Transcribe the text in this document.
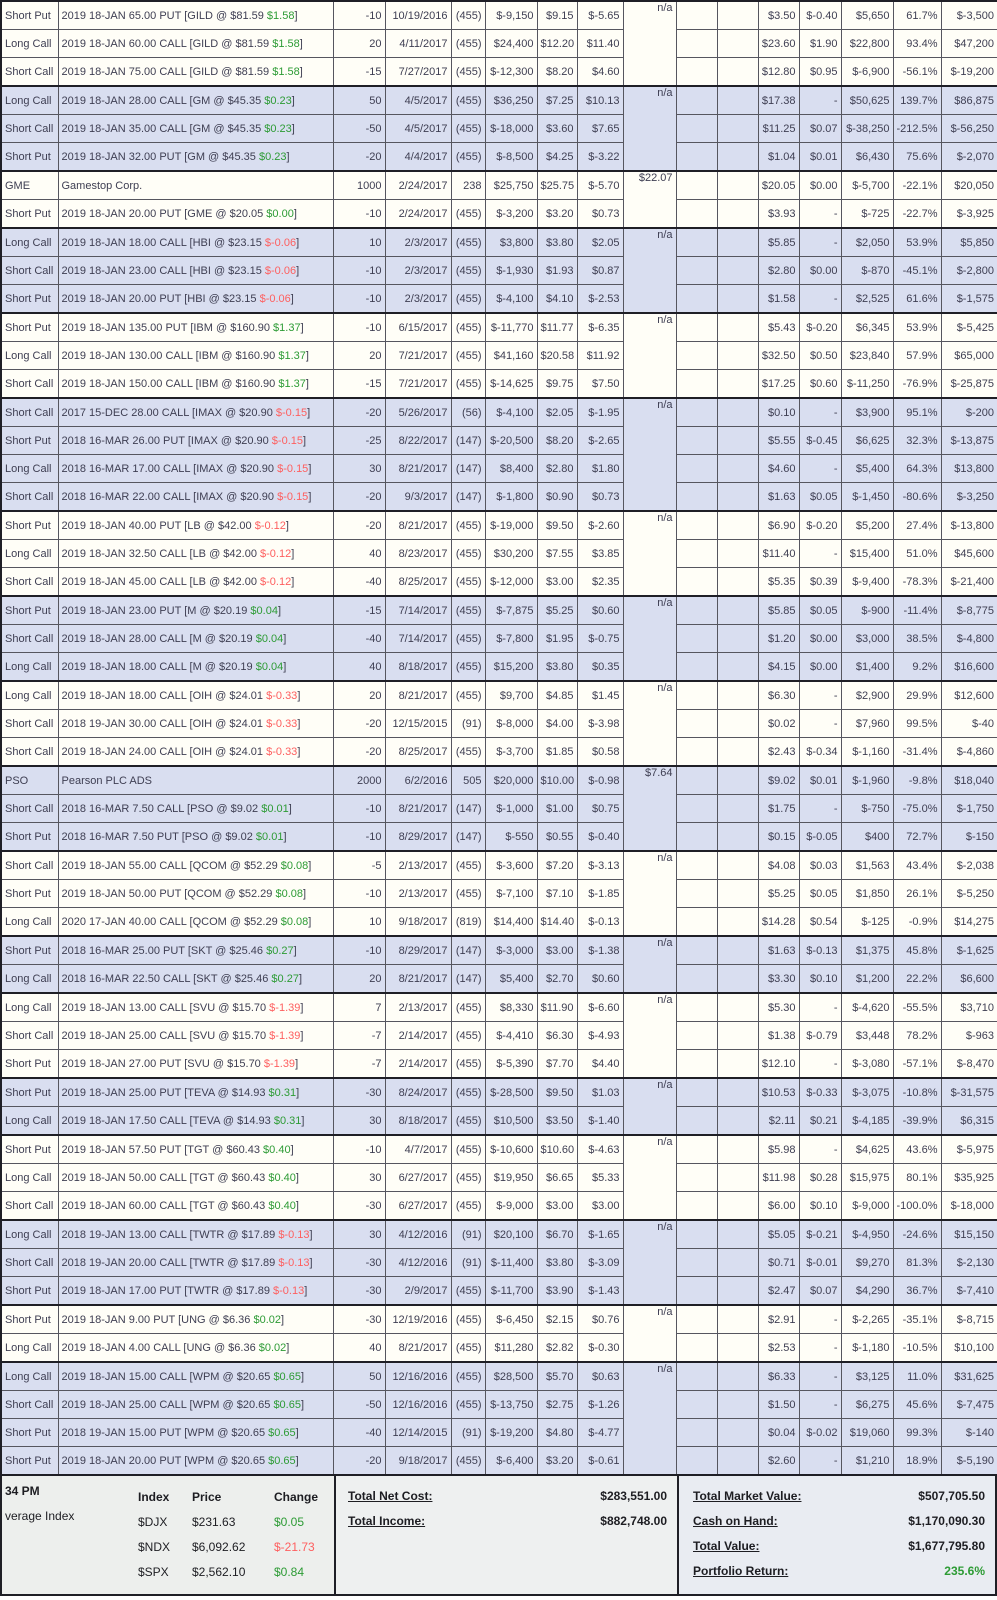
Short Put	2019 18-JAN 65.00 PUT [GILD @ $81.59 $1.58]	-10	10/19/2016	(455)	$-9,150	$9.15	$-5.65	n/a			$3.50	$-0.40	$5,650	61.7%	$-3,500
Long Call	2019 18-JAN 60.00 CALL [GILD @ $81.59 $1.58]	20	4/11/2017	(455)	$24,400	$12.20	$11.40				$23.60	$1.90	$22,800	93.4%	$47,200
Short Call	2019 18-JAN 75.00 CALL [GILD @ $81.59 $1.58]	-15	7/27/2017	(455)	$-12,300	$8.20	$4.60				$12.80	$0.95	$-6,900	-56.1%	$-19,200
Long Call	2019 18-JAN 28.00 CALL [GM @ $45.35 $0.23]	50	4/5/2017	(455)	$36,250	$7.25	$10.13	n/a			$17.38	-	$50,625	139.7%	$86,875
Short Call	2019 18-JAN 35.00 CALL [GM @ $45.35 $0.23]	-50	4/5/2017	(455)	$-18,000	$3.60	$7.65				$11.25	$0.07	$-38,250	-212.5%	$-56,250
Short Put	2019 18-JAN 32.00 PUT [GM @ $45.35 $0.23]	-20	4/4/2017	(455)	$-8,500	$4.25	$-3.22				$1.04	$0.01	$6,430	75.6%	$-2,070
GME	Gamestop Corp.	1000	2/24/2017	238	$25,750	$25.75	$-5.70	$22.07			$20.05	$0.00	$-5,700	-22.1%	$20,050
Short Put	2019 18-JAN 20.00 PUT [GME @ $20.05 $0.00]	-10	2/24/2017	(455)	$-3,200	$3.20	$0.73				$3.93	-	$-725	-22.7%	$-3,925
Long Call	2019 18-JAN 18.00 CALL [HBI @ $23.15 $-0.06]	10	2/3/2017	(455)	$3,800	$3.80	$2.05	n/a			$5.85	-	$2,050	53.9%	$5,850
Short Call	2019 18-JAN 23.00 CALL [HBI @ $23.15 $-0.06]	-10	2/3/2017	(455)	$-1,930	$1.93	$0.87				$2.80	$0.00	$-870	-45.1%	$-2,800
Short Put	2019 18-JAN 20.00 PUT [HBI @ $23.15 $-0.06]	-10	2/3/2017	(455)	$-4,100	$4.10	$-2.53				$1.58	-	$2,525	61.6%	$-1,575
Short Put	2019 18-JAN 135.00 PUT [IBM @ $160.90 $1.37]	-10	6/15/2017	(455)	$-11,770	$11.77	$-6.35	n/a			$5.43	$-0.20	$6,345	53.9%	$-5,425
Long Call	2019 18-JAN 130.00 CALL [IBM @ $160.90 $1.37]	20	7/21/2017	(455)	$41,160	$20.58	$11.92				$32.50	$0.50	$23,840	57.9%	$65,000
Short Call	2019 18-JAN 150.00 CALL [IBM @ $160.90 $1.37]	-15	7/21/2017	(455)	$-14,625	$9.75	$7.50				$17.25	$0.60	$-11,250	-76.9%	$-25,875
Short Call	2017 15-DEC 28.00 CALL [IMAX @ $20.90 $-0.15]	-20	5/26/2017	(56)	$-4,100	$2.05	$-1.95	n/a			$0.10	-	$3,900	95.1%	$-200
Short Put	2018 16-MAR 26.00 PUT [IMAX @ $20.90 $-0.15]	-25	8/22/2017	(147)	$-20,500	$8.20	$-2.65				$5.55	$-0.45	$6,625	32.3%	$-13,875
Long Call	2018 16-MAR 17.00 CALL [IMAX @ $20.90 $-0.15]	30	8/21/2017	(147)	$8,400	$2.80	$1.80				$4.60	-	$5,400	64.3%	$13,800
Short Call	2018 16-MAR 22.00 CALL [IMAX @ $20.90 $-0.15]	-20	9/3/2017	(147)	$-1,800	$0.90	$0.73				$1.63	$0.05	$-1,450	-80.6%	$-3,250
Short Put	2019 18-JAN 40.00 PUT [LB @ $42.00 $-0.12]	-20	8/21/2017	(455)	$-19,000	$9.50	$-2.60	n/a			$6.90	$-0.20	$5,200	27.4%	$-13,800
Long Call	2019 18-JAN 32.50 CALL [LB @ $42.00 $-0.12]	40	8/23/2017	(455)	$30,200	$7.55	$3.85				$11.40	-	$15,400	51.0%	$45,600
Short Call	2019 18-JAN 45.00 CALL [LB @ $42.00 $-0.12]	-40	8/25/2017	(455)	$-12,000	$3.00	$2.35				$5.35	$0.39	$-9,400	-78.3%	$-21,400
Short Put	2019 18-JAN 23.00 PUT [M @ $20.19 $0.04]	-15	7/14/2017	(455)	$-7,875	$5.25	$0.60	n/a			$5.85	$0.05	$-900	-11.4%	$-8,775
Short Call	2019 18-JAN 28.00 CALL [M @ $20.19 $0.04]	-40	7/14/2017	(455)	$-7,800	$1.95	$-0.75				$1.20	$0.00	$3,000	38.5%	$-4,800
Long Call	2019 18-JAN 18.00 CALL [M @ $20.19 $0.04]	40	8/18/2017	(455)	$15,200	$3.80	$0.35				$4.15	$0.00	$1,400	9.2%	$16,600
Long Call	2019 18-JAN 18.00 CALL [OIH @ $24.01 $-0.33]	20	8/21/2017	(455)	$9,700	$4.85	$1.45	n/a			$6.30	-	$2,900	29.9%	$12,600
Short Call	2018 19-JAN 30.00 CALL [OIH @ $24.01 $-0.33]	-20	12/15/2015	(91)	$-8,000	$4.00	$-3.98				$0.02	-	$7,960	99.5%	$-40
Short Call	2019 18-JAN 24.00 CALL [OIH @ $24.01 $-0.33]	-20	8/25/2017	(455)	$-3,700	$1.85	$0.58				$2.43	$-0.34	$-1,160	-31.4%	$-4,860
PSO	Pearson PLC ADS	2000	6/2/2016	505	$20,000	$10.00	$-0.98	$7.64			$9.02	$0.01	$-1,960	-9.8%	$18,040
Short Call	2018 16-MAR 7.50 CALL [PSO @ $9.02 $0.01]	-10	8/21/2017	(147)	$-1,000	$1.00	$0.75				$1.75	-	$-750	-75.0%	$-1,750
Short Put	2018 16-MAR 7.50 PUT [PSO @ $9.02 $0.01]	-10	8/29/2017	(147)	$-550	$0.55	$-0.40				$0.15	$-0.05	$400	72.7%	$-150
Short Call	2019 18-JAN 55.00 CALL [QCOM @ $52.29 $0.08]	-5	2/13/2017	(455)	$-3,600	$7.20	$-3.13	n/a			$4.08	$0.03	$1,563	43.4%	$-2,038
Short Put	2019 18-JAN 50.00 PUT [QCOM @ $52.29 $0.08]	-10	2/13/2017	(455)	$-7,100	$7.10	$-1.85				$5.25	$0.05	$1,850	26.1%	$-5,250
Long Call	2020 17-JAN 40.00 CALL [QCOM @ $52.29 $0.08]	10	9/18/2017	(819)	$14,400	$14.40	$-0.13				$14.28	$0.54	$-125	-0.9%	$14,275
Short Put	2018 16-MAR 25.00 PUT [SKT @ $25.46 $0.27]	-10	8/29/2017	(147)	$-3,000	$3.00	$-1.38	n/a			$1.63	$-0.13	$1,375	45.8%	$-1,625
Long Call	2018 16-MAR 22.50 CALL [SKT @ $25.46 $0.27]	20	8/21/2017	(147)	$5,400	$2.70	$0.60				$3.30	$0.10	$1,200	22.2%	$6,600
Long Call	2019 18-JAN 13.00 CALL [SVU @ $15.70 $-1.39]	7	2/13/2017	(455)	$8,330	$11.90	$-6.60	n/a			$5.30	-	$-4,620	-55.5%	$3,710
Short Call	2019 18-JAN 25.00 CALL [SVU @ $15.70 $-1.39]	-7	2/14/2017	(455)	$-4,410	$6.30	$-4.93				$1.38	$-0.79	$3,448	78.2%	$-963
Short Put	2019 18-JAN 27.00 PUT [SVU @ $15.70 $-1.39]	-7	2/14/2017	(455)	$-5,390	$7.70	$4.40				$12.10	-	$-3,080	-57.1%	$-8,470
Short Put	2019 18-JAN 25.00 PUT [TEVA @ $14.93 $0.31]	-30	8/24/2017	(455)	$-28,500	$9.50	$1.03	n/a			$10.53	$-0.33	$-3,075	-10.8%	$-31,575
Long Call	2019 18-JAN 17.50 CALL [TEVA @ $14.93 $0.31]	30	8/18/2017	(455)	$10,500	$3.50	$-1.40				$2.11	$0.21	$-4,185	-39.9%	$6,315
Short Put	2019 18-JAN 57.50 PUT [TGT @ $60.43 $0.40]	-10	4/7/2017	(455)	$-10,600	$10.60	$-4.63	n/a			$5.98	-	$4,625	43.6%	$-5,975
Long Call	2019 18-JAN 50.00 CALL [TGT @ $60.43 $0.40]	30	6/27/2017	(455)	$19,950	$6.65	$5.33				$11.98	$0.28	$15,975	80.1%	$35,925
Short Call	2019 18-JAN 60.00 CALL [TGT @ $60.43 $0.40]	-30	6/27/2017	(455)	$-9,000	$3.00	$3.00				$6.00	$0.10	$-9,000	-100.0%	$-18,000
Long Call	2018 19-JAN 13.00 CALL [TWTR @ $17.89 $-0.13]	30	4/12/2016	(91)	$20,100	$6.70	$-1.65	n/a			$5.05	$-0.21	$-4,950	-24.6%	$15,150
Short Call	2018 19-JAN 20.00 CALL [TWTR @ $17.89 $-0.13]	-30	4/12/2016	(91)	$-11,400	$3.80	$-3.09				$0.71	$-0.01	$9,270	81.3%	$-2,130
Short Put	2019 18-JAN 17.00 PUT [TWTR @ $17.89 $-0.13]	-30	2/9/2017	(455)	$-11,700	$3.90	$-1.43				$2.47	$0.07	$4,290	36.7%	$-7,410
Short Put	2019 18-JAN 9.00 PUT [UNG @ $6.36 $0.02]	-30	12/19/2016	(455)	$-6,450	$2.15	$0.76	n/a			$2.91	-	$-2,265	-35.1%	$-8,715
Long Call	2019 18-JAN 4.00 CALL [UNG @ $6.36 $0.02]	40	8/21/2017	(455)	$11,280	$2.82	$-0.30				$2.53	-	$-1,180	-10.5%	$10,100
Long Call	2019 18-JAN 15.00 CALL [WPM @ $20.65 $0.65]	50	12/16/2016	(455)	$28,500	$5.70	$0.63	n/a			$6.33	-	$3,125	11.0%	$31,625
Short Call	2019 18-JAN 25.00 CALL [WPM @ $20.65 $0.65]	-50	12/16/2016	(455)	$-13,750	$2.75	$-1.26				$1.50	-	$6,275	45.6%	$-7,475
Short Put	2018 19-JAN 15.00 PUT [WPM @ $20.65 $0.65]	-40	12/14/2015	(91)	$-19,200	$4.80	$-4.77				$0.04	$-0.02	$19,060	99.3%	$-140
Short Put	2019 18-JAN 20.00 PUT [WPM @ $20.65 $0.65]	-20	9/18/2017	(455)	$-6,400	$3.20	$-0.61				$2.60	-	$1,210	18.9%	$-5,190
34 PM
verage Index
Index	Price	Change
$DJX	$231.63	$0.05
$NDX	$6,092.62	$-21.73
$SPX	$2,562.10	$0.84
Total Net Cost:	$283,551.00
Total Income:	$882,748.00
Total Market Value:	$507,705.50
Cash on Hand:	$1,170,090.30
Total Value:	$1,677,795.80
Portfolio Return:	235.6%
